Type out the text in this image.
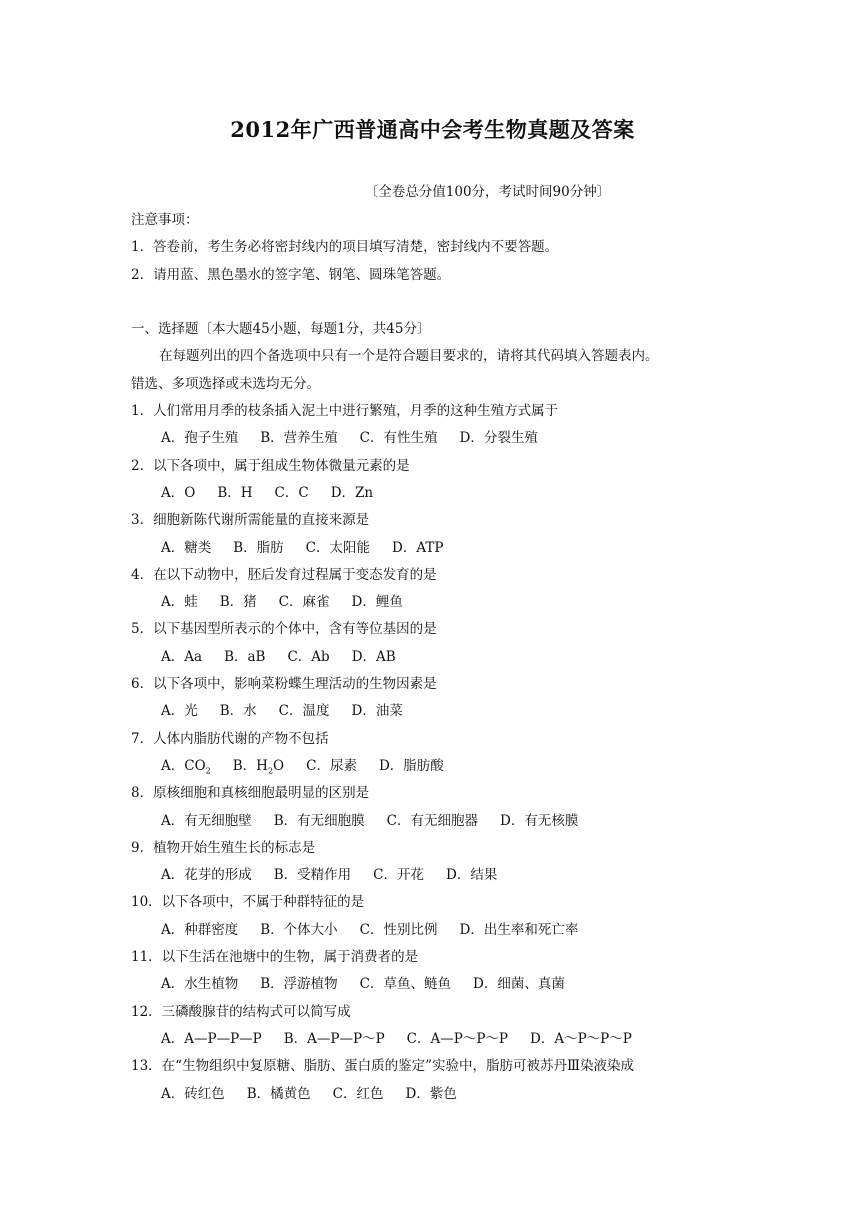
2012年广西普通高中会考生物真题及答案
〔全卷总分值100分，考试时间90分钟〕
注意事项：
1．答卷前，考生务必将密封线内的项目填写清楚，密封线内不要答题。
2．请用蓝、黑色墨水的签字笔、钢笔、圆珠笔答题。
一、选择题〔本大题45小题，每题1分，共45分〕
在每题列出的四个备选项中只有一个是符合题目要求的，请将其代码填入答题表内。
错选、多项选择或未选均无分。
1．人们常用月季的枝条插入泥土中进行繁殖，月季的这种生殖方式属于
A．孢子生殖 B．营养生殖 C．有性生殖 D．分裂生殖
2．以下各项中，属于组成生物体微量元素的是
A．O B．H C．C D．Zn
3．细胞新陈代谢所需能量的直接来源是
A．糖类 B．脂肪 C．太阳能 D．ATP
4．在以下动物中，胚后发育过程属于变态发育的是
A．蛙 B．猪 C．麻雀 D．鲤鱼
5．以下基因型所表示的个体中，含有等位基因的是
A．Aa B．aB C．Ab D．AB
6．以下各项中，影响菜粉蝶生理活动的生物因素是
A．光 B．水 C．温度 D．油菜
7．人体内脂肪代谢的产物不包括
A．$CO_2$ B．$H_2O$ C．尿素 D．脂肪酸
8．原核细胞和真核细胞最明显的区别是
A．有无细胞壁 B．有无细胞膜 C．有无细胞器 D．有无核膜
9．植物开始生殖生长的标志是
A．花芽的形成 B．受精作用 C．开花 D．结果
10．以下各项中，不属于种群特征的是
A．种群密度 B．个体大小 C．性别比例 D．出生率和死亡率
11．以下生活在池塘中的生物，属于消费者的是
A．水生植物 B．浮游植物 C．草鱼、鲢鱼 D．细菌、真菌
12．三磷酸腺苷的结构式可以简写成
A．A—P—P—P B．A—P—P～P C．A—P～P～P D．A～P～P～P
13．在“生物组织中复原糖、脂肪、蛋白质的鉴定”实验中，脂肪可被苏丹Ⅲ染液染成
A．砖红色 B．橘黄色 C．红色 D．紫色
